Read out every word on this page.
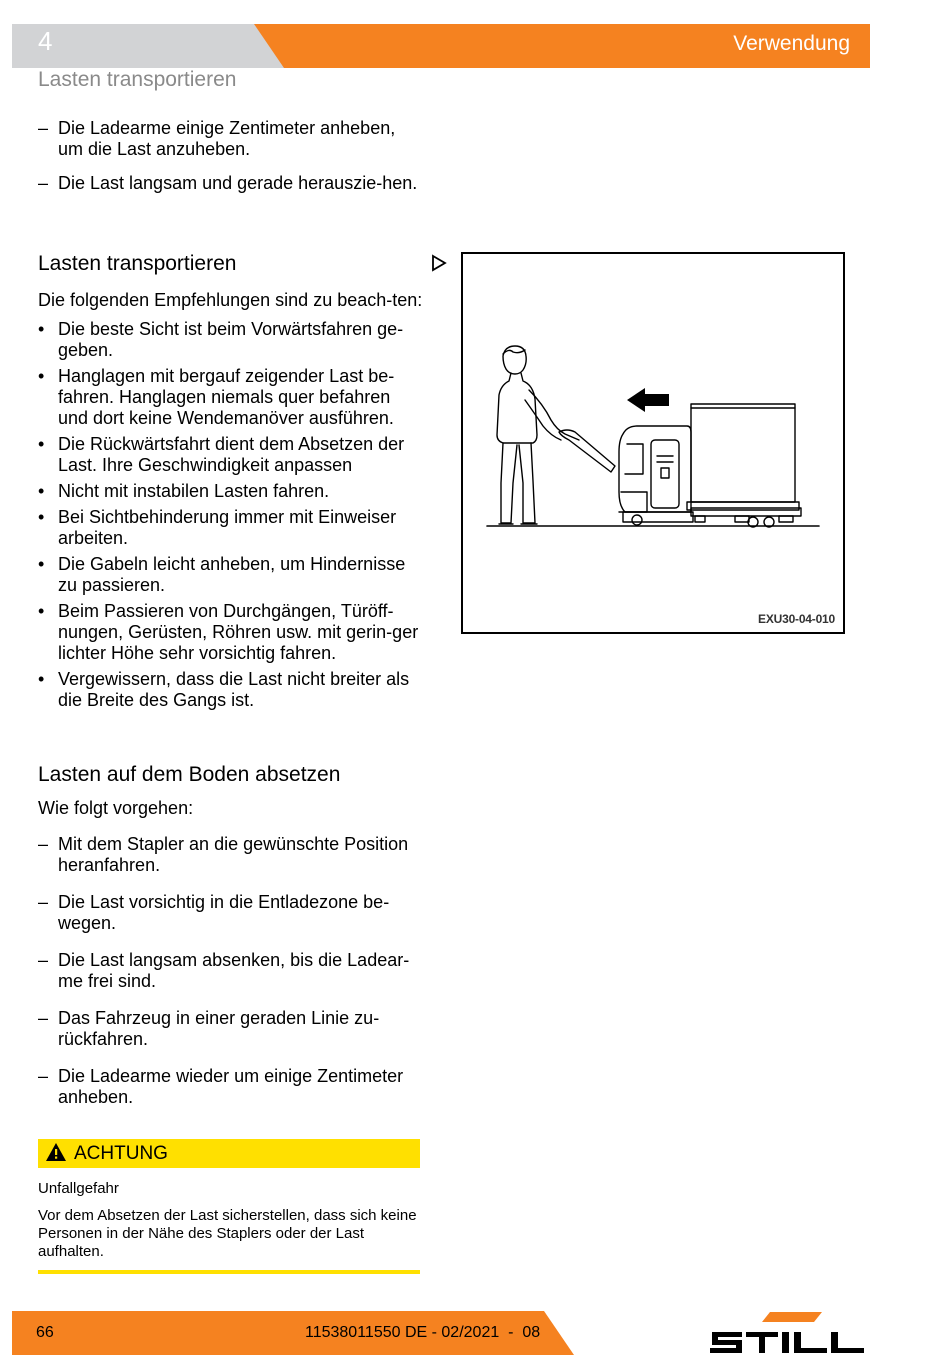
4	Verwendung
Lasten transportieren
– Die Ladearme einige Zentimeter anheben, um die Last anzuheben.
– Die Last langsam und gerade herauszie-hen.
Lasten transportieren
Die folgenden Empfehlungen sind zu beach-ten:
• Die beste Sicht ist beim Vorwärtsfahren ge-geben.
• Hanglagen mit bergauf zeigender Last be-fahren. Hanglagen niemals quer befahren und dort keine Wendemanöver ausführen.
• Die Rückwärtsfahrt dient dem Absetzen der Last. Ihre Geschwindigkeit anpassen
• Nicht mit instabilen Lasten fahren.
• Bei Sichtbehinderung immer mit Einweiser arbeiten.
• Die Gabeln leicht anheben, um Hindernisse zu passieren.
• Beim Passieren von Durchgängen, Türöff-nungen, Gerüsten, Röhren usw. mit gerin-ger lichter Höhe sehr vorsichtig fahren.
• Vergewissern, dass die Last nicht breiter als die Breite des Gangs ist.
EXU30-04-010
Lasten auf dem Boden absetzen
Wie folgt vorgehen:
– Mit dem Stapler an die gewünschte Position heranfahren.
– Die Last vorsichtig in die Entladezone be-wegen.
– Die Last langsam absenken, bis die Ladear-me frei sind.
– Das Fahrzeug in einer geraden Linie zu-rückfahren.
– Die Ladearme wieder um einige Zentimeter anheben.
ACHTUNG
Unfallgefahr
Vor dem Absetzen der Last sicherstellen, dass sich keine Personen in der Nähe des Staplers oder der Last aufhalten.
66	11538011550 DE - 02/2021  -  08
